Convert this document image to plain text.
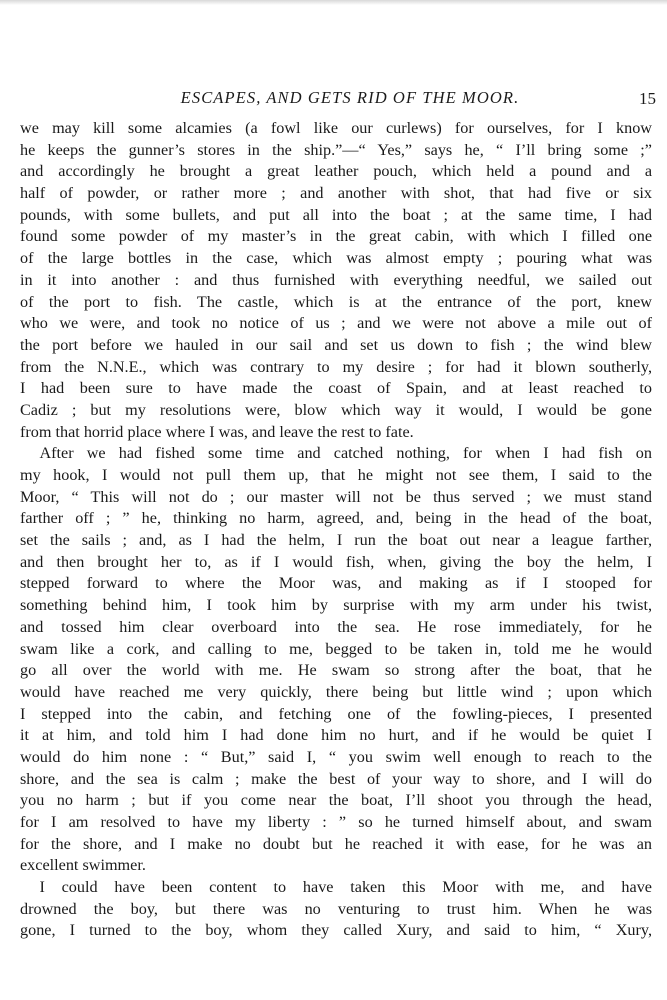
ESCAPES, AND GETS RID OF THE MOOR.	15
we may kill some alcamies (a fowl like our curlews) for ourselves, for I know
he keeps the gunner’s stores in the ship.”—“ Yes,” says he, “ I’ll bring some ;”
and accordingly he brought a great leather pouch, which held a pound and a
half of powder, or rather more ; and another with shot, that had five or six
pounds, with some bullets, and put all into the boat ; at the same time, I had
found some powder of my master’s in the great cabin, with which I filled one
of the large bottles in the case, which was almost empty ; pouring what was
in it into another : and thus furnished with everything needful, we sailed out
of the port to fish. The castle, which is at the entrance of the port, knew
who we were, and took no notice of us ; and we were not above a mile out of
the port before we hauled in our sail and set us down to fish ; the wind blew
from the N.N.E., which was contrary to my desire ; for had it blown southerly,
I had been sure to have made the coast of Spain, and at least reached to
Cadiz ; but my resolutions were, blow which way it would, I would be gone
from that horrid place where I was, and leave the rest to fate.
After we had fished some time and catched nothing, for when I had fish on
my hook, I would not pull them up, that he might not see them, I said to the
Moor, “ This will not do ; our master will not be thus served ; we must stand
farther off ; ” he, thinking no harm, agreed, and, being in the head of the boat,
set the sails ; and, as I had the helm, I run the boat out near a league farther,
and then brought her to, as if I would fish, when, giving the boy the helm, I
stepped forward to where the Moor was, and making as if I stooped for
something behind him, I took him by surprise with my arm under his twist,
and tossed him clear overboard into the sea. He rose immediately, for he
swam like a cork, and calling to me, begged to be taken in, told me he would
go all over the world with me. He swam so strong after the boat, that he
would have reached me very quickly, there being but little wind ; upon which
I stepped into the cabin, and fetching one of the fowling-pieces, I presented
it at him, and told him I had done him no hurt, and if he would be quiet I
would do him none : “ But,” said I, “ you swim well enough to reach to the
shore, and the sea is calm ; make the best of your way to shore, and I will do
you no harm ; but if you come near the boat, I’ll shoot you through the head,
for I am resolved to have my liberty : ” so he turned himself about, and swam
for the shore, and I make no doubt but he reached it with ease, for he was an
excellent swimmer.
I could have been content to have taken this Moor with me, and have
drowned the boy, but there was no venturing to trust him. When he was
gone, I turned to the boy, whom they called Xury, and said to him, “ Xury,
